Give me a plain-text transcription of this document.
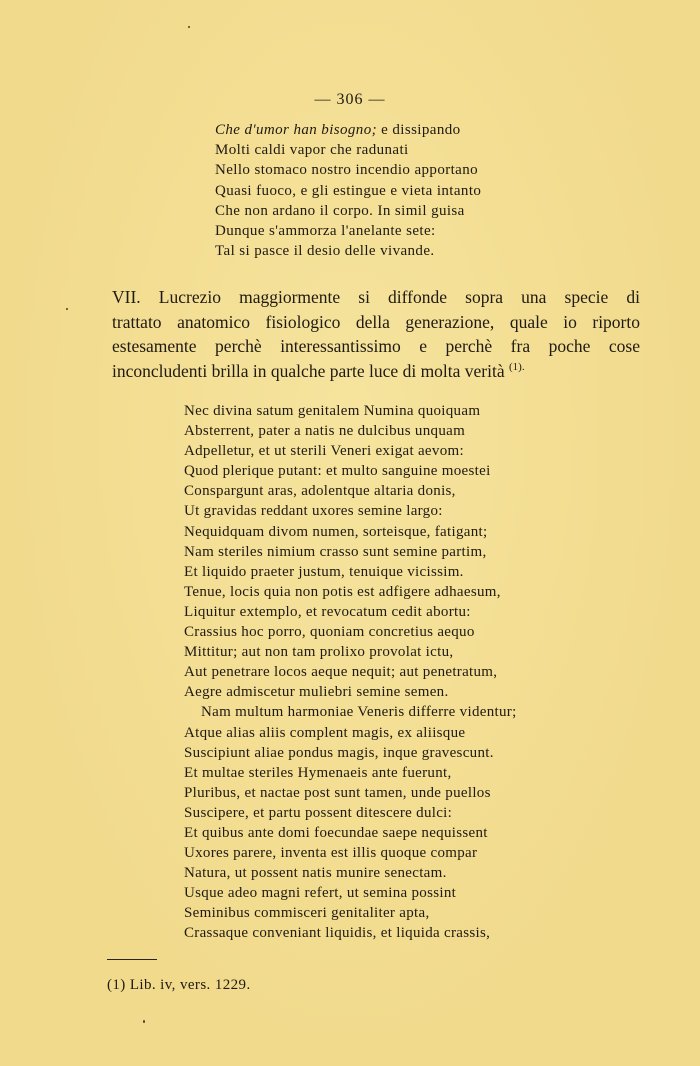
— 306 —
Che d'umor han bisogno; e dissipando
Molti caldi vapor che radunati
Nello stomaco nostro incendio apportano
Quasi fuoco, e gli estingue e vieta intanto
Che non ardano il corpo. In simil guisa
Dunque s'ammorza l'anelante sete:
Tal si pasce il desio delle vivande.
VII. Lucrezio maggiormente si diffonde sopra una specie di
trattato anatomico fisiologico della generazione, quale io riporto
estesamente perchè interessantissimo e perchè fra poche cose
inconcludenti brilla in qualche parte luce di molta verità $^{(1).}$
Nec divina satum genitalem Numina quoiquam
Absterrent, pater a natis ne dulcibus unquam
Adpelletur, et ut sterili Veneri exigat aevom:
Quod plerique putant: et multo sanguine moestei
Conspargunt aras, adolentque altaria donis,
Ut gravidas reddant uxores semine largo:
Nequidquam divom numen, sorteisque, fatigant;
Nam steriles nimium crasso sunt semine partim,
Et liquido praeter justum, tenuique vicissim.
Tenue, locis quia non potis est adfigere adhaesum,
Liquitur extemplo, et revocatum cedit abortu:
Crassius hoc porro, quoniam concretius aequo
Mittitur; aut non tam prolixo provolat ictu,
Aut penetrare locos aeque nequit; aut penetratum,
Aegre admiscetur muliebri semine semen.
Nam multum harmoniae Veneris differre videntur;
Atque alias aliis complent magis, ex aliisque
Suscipiunt aliae pondus magis, inque gravescunt.
Et multae steriles Hymenaeis ante fuerunt,
Pluribus, et nactae post sunt tamen, unde puellos
Suscipere, et partu possent ditescere dulci:
Et quibus ante domi foecundae saepe nequissent
Uxores parere, inventa est illis quoque compar
Natura, ut possent natis munire senectam.
Usque adeo magni refert, ut semina possint
Seminibus commisceri genitaliter apta,
Crassaque conveniant liquidis, et liquida crassis,
(1) Lib. iv, vers. 1229.
